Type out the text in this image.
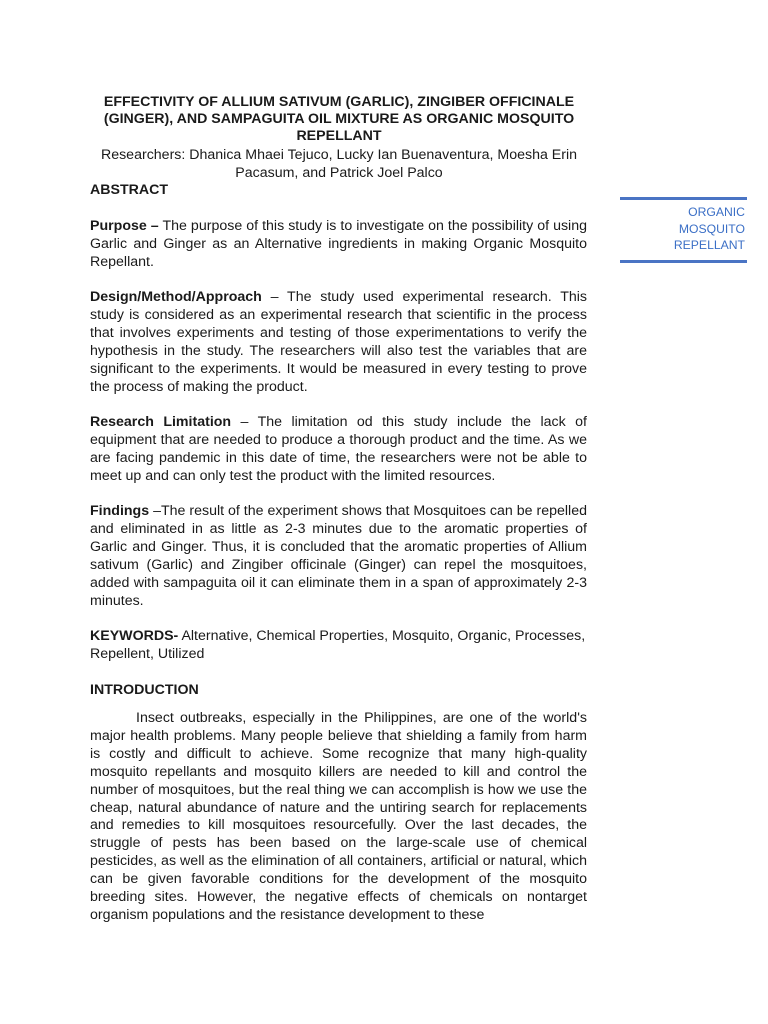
EFFECTIVITY OF ALLIUM SATIVUM (GARLIC), ZINGIBER OFFICINALE (GINGER), AND SAMPAGUITA OIL MIXTURE AS ORGANIC MOSQUITO REPELLANT
Researchers: Dhanica Mhaei Tejuco, Lucky Ian Buenaventura, Moesha Erin Pacasum, and Patrick Joel Palco
ABSTRACT

Purpose – The purpose of this study is to investigate on the possibility of using Garlic and Ginger as an Alternative ingredients in making Organic Mosquito Repellant.

Design/Method/Approach – The study used experimental research. This study is considered as an experimental research that scientific in the process that involves experiments and testing of those experimentations to verify the hypothesis in the study. The researchers will also test the variables that are significant to the experiments. It would be measured in every testing to prove the process of making the product.

Research Limitation – The limitation od this study include the lack of equipment that are needed to produce a thorough product and the time. As we are facing pandemic in this date of time, the researchers were not be able to meet up and can only test the product with the limited resources.

Findings –The result of the experiment shows that Mosquitoes can be repelled and eliminated in as little as 2-3 minutes due to the aromatic properties of Garlic and Ginger. Thus, it is concluded that the aromatic properties of Allium sativum (Garlic) and Zingiber officinale (Ginger) can repel the mosquitoes, added with sampaguita oil it can eliminate them in a span of approximately 2-3 minutes.

KEYWORDS- Alternative, Chemical Properties, Mosquito, Organic, Processes, Repellent, Utilized

INTRODUCTION

Insect outbreaks, especially in the Philippines, are one of the world's major health problems. Many people believe that shielding a family from harm is costly and difficult to achieve. Some recognize that many high-quality mosquito repellants and mosquito killers are needed to kill and control the number of mosquitoes, but the real thing we can accomplish is how we use the cheap, natural abundance of nature and the untiring search for replacements and remedies to kill mosquitoes resourcefully. Over the last decades, the struggle of pests has been based on the large-scale use of chemical pesticides, as well as the elimination of all containers, artificial or natural, which can be given favorable conditions for the development of the mosquito breeding sites. However, the negative effects of chemicals on nontarget organism populations and the resistance development to these

ORGANIC
MOSQUITO
REPELLANT
